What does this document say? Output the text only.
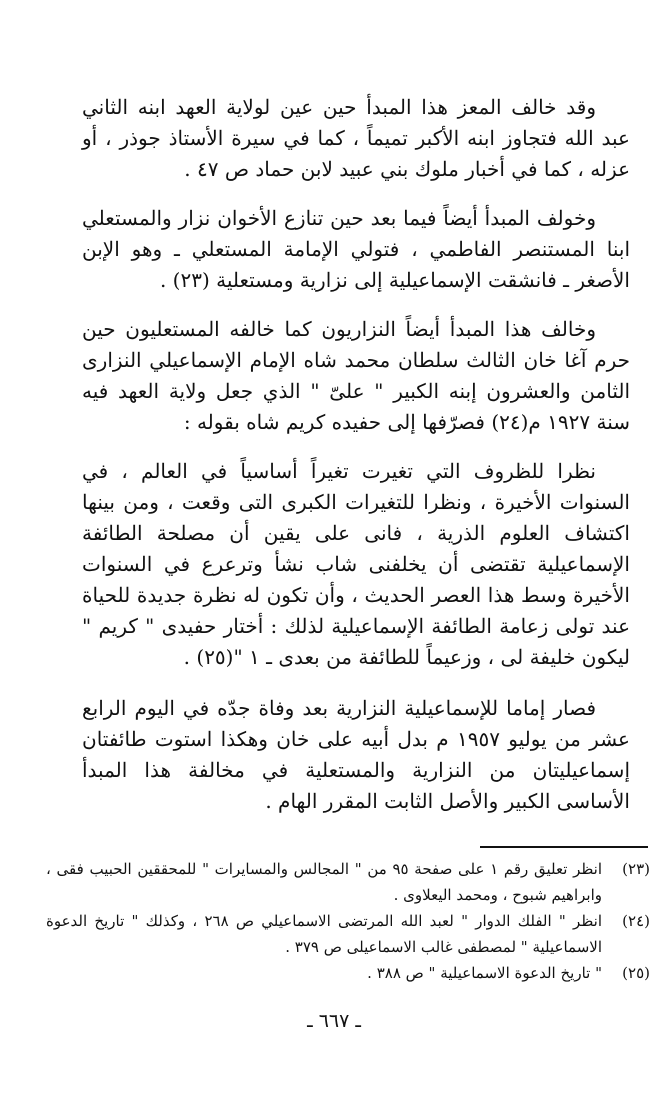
وقد خالف المعز هذا المبدأ حين عين لولاية العهد ابنه الثاني عبد الله فتجاوز ابنه الأكبر تميماً ، كما في سيرة الأستاذ جوذر ، أو عزله ، كما في أخبار ملوك بني عبيد لابن حماد ص ٤٧ .

وخولف المبدأ أيضاً فيما بعد حين تنازع الأخوان نزار والمستعلي ابنا المستنصر الفاطمي ، فتولي الإمامة المستعلي ـ وهو الإبن الأصغر ـ فانشقت الإسماعيلية إلى نزارية ومستعلية (٢٣) .

وخالف هذا المبدأ أيضاً النزاريون كما خالفه المستعليون حين حرم آغا خان الثالث سلطان محمد شاه الإمام الإسماعيلي النزارى الثامن والعشرون إبنه الكبير " علىّ " الذي جعل ولاية العهد فيه سنة ١٩٢٧ م(٢٤) فصرّفها إلى حفيده كريم شاه بقوله :

نظرا للظروف التي تغيرت تغيراً أساسياً في العالم ، في السنوات الأخيرة ، ونظرا للتغيرات الكبرى التى وقعت ، ومن بينها اكتشاف العلوم الذرية ، فانى على يقين أن مصلحة الطائفة الإسماعيلية تقتضى أن يخلفنى شاب نشأ وترعرع في السنوات الأخيرة وسط هذا العصر الحديث ، وأن تكون له نظرة جديدة للحياة عند تولى زعامة الطائفة الإسماعيلية لذلك : أختار حفيدى " كريم " ليكون خليفة لى ، وزعيماً للطائفة من بعدى ـ ١ "(٢٥) .

فصار إماما للإسماعيلية النزارية بعد وفاة جدّه في اليوم الرابع عشر من يوليو ١٩٥٧ م بدل أبيه على خان وهكذا استوت طائفتان إسماعيليتان من النزارية والمستعلية في مخالفة هذا المبدأ الأساسى الكبير والأصل الثابت المقرر الهام .

(٢٣)
انظر تعليق رقم ١ على صفحة ٩٥ من " المجالس والمسايرات " للمحققين الحبيب فقى ، وابراهيم شبوح ، ومحمد اليعلاوى .
(٢٤)
انظر " الفلك الدوار " لعبد الله المرتضى الاسماعيلي ص ٢٦٨ ، وكذلك " تاريخ الدعوة الاسماعيلية " لمصطفى غالب الاسماعيلى ص ٣٧٩ .
(٢٥)
" تاريخ الدعوة الاسماعيلية " ص ٣٨٨ .
ـ ٦٦٧ ـ
